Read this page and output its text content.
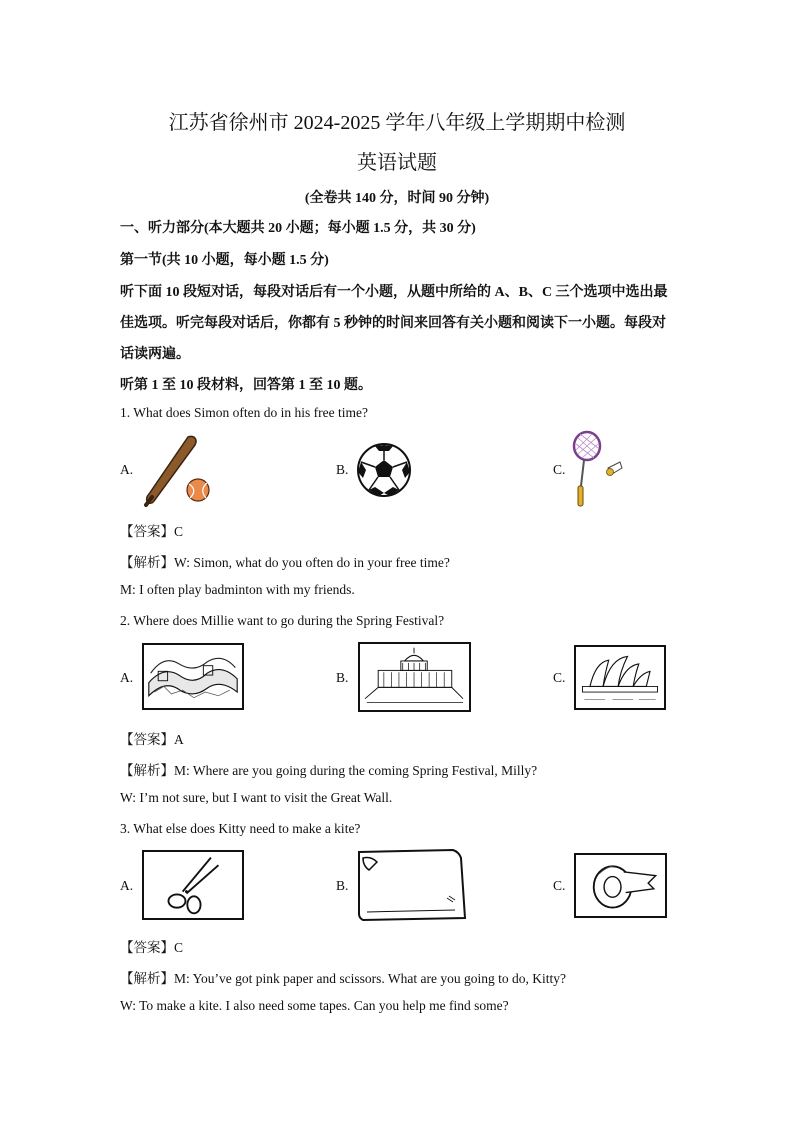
江苏省徐州市 2024-2025 学年八年级上学期期中检测
英语试题
(全卷共 140 分，时间 90 分钟)
一、听力部分(本大题共 20 小题；每小题 1.5 分，共 30 分)
第一节(共 10 小题，每小题 1.5 分)
听下面 10 段短对话，每段对话后有一个小题，从题中所给的 A、B、C 三个选项中选出最
佳选项。听完每段对话后，你都有 5 秒钟的时间来回答有关小题和阅读下一小题。每段对
话读两遍。
听第 1 至 10 段材料，回答第 1 至 10 题。
1. What does Simon often do in his free time?
A.	B.	C.
【答案】C
【解析】W: Simon, what do you often do in your free time?
M: I often play badminton with my friends.
2. Where does Millie want to go during the Spring Festival?
A.	B.	C.
【答案】A
【解析】M: Where are you going during the coming Spring Festival, Milly?
W: I’m not sure, but I want to visit the Great Wall.
3. What else does Kitty need to make a kite?
A.	B.	C.
【答案】C
【解析】M: You’ve got pink paper and scissors. What are you going to do, Kitty?
W: To make a kite. I also need some tapes. Can you help me find some?
